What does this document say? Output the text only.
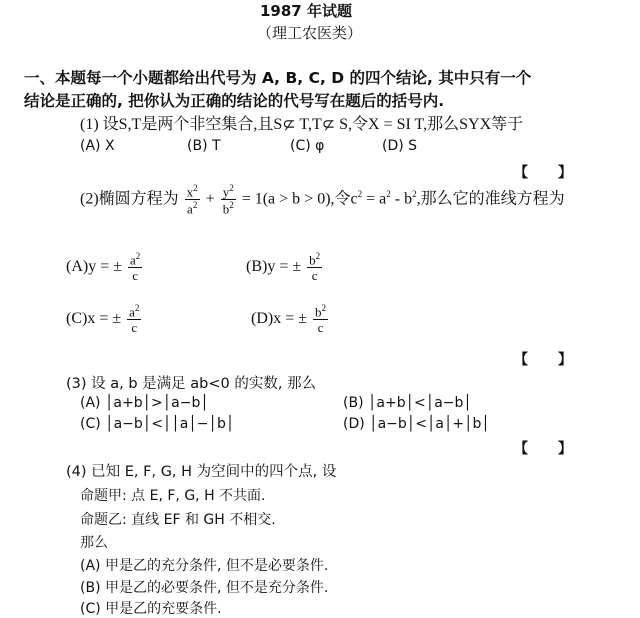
1987 年试题
（理工农医类）
一、本题每一个小题都给出代号为 A, B, C, D 的四个结论, 其中只有一个
结论是正确的, 把你认为正确的结论的代号写在题后的括号内.
(1) 设S,T是两个非空集合,且S⊂ T,T⊂ S,令X = SI T,那么SYX等于
(A) X	(B) T	(C) φ	(D) S
【 】
(2)椭圆方程为 $\frac{x^2}{a^2} + \frac{y^2}{b^2} = 1(a > b > 0)$,令$c^2 = a^2 - b^2$,那么它的准线方程为
(A)y = ± $\frac{a^2}{c}$	(B)y = ± $\frac{b^2}{c}$
(C)x = ± $\frac{a^2}{c}$	(D)x = ± $\frac{b^2}{c}$
【 】
(3) 设 a, b 是满足 ab<0 的实数, 那么
(A) │a+b│>│a−b│	(B) │a+b│<│a−b│
(C) │a−b│<││a│−│b│	(D) │a−b│<│a│+│b│
【 】
(4) 已知 E, F, G, H 为空间中的四个点, 设
命题甲: 点 E, F, G, H 不共面.
命题乙: 直线 EF 和 GH 不相交.
那么
(A) 甲是乙的充分条件, 但不是必要条件.
(B) 甲是乙的必要条件, 但不是充分条件.
(C) 甲是乙的充要条件.
